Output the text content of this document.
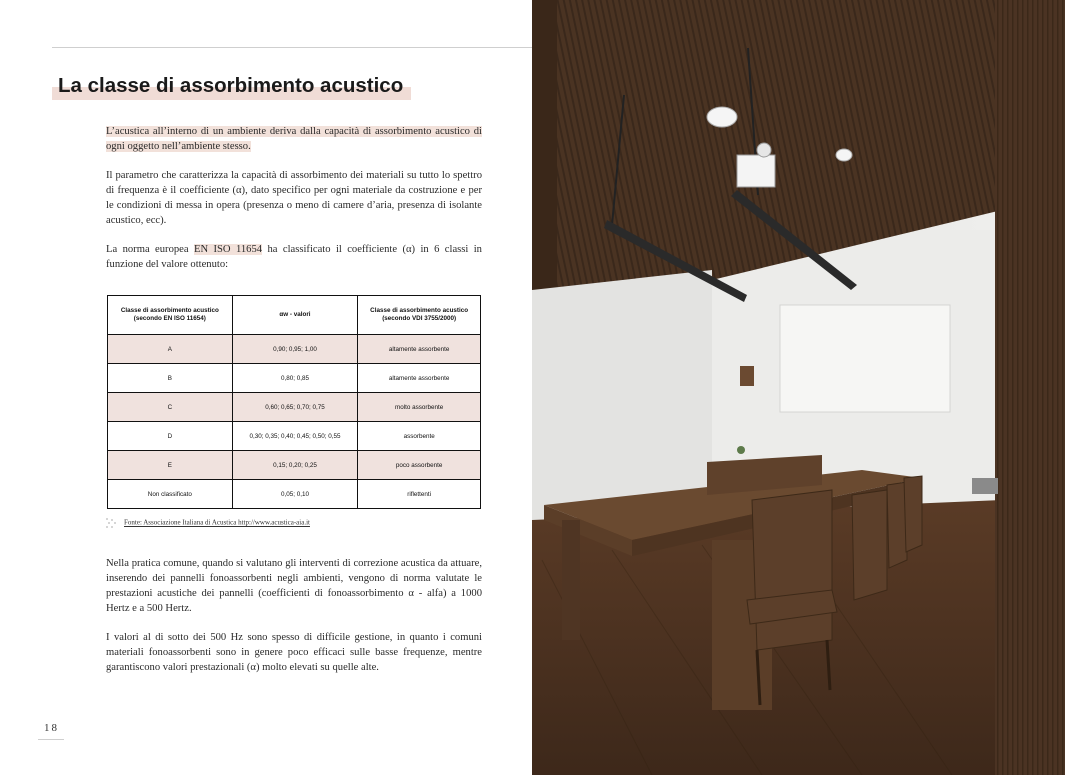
La classe di assorbimento acustico

L’acustica all’interno di un ambiente deriva dalla capacità di assorbimento acustico di ogni oggetto nell’ambiente stesso.

Il parametro che caratterizza la capacità di assorbimento dei materiali su tutto lo spettro di frequenza è il coefficiente (α), dato specifico per ogni materiale da costruzione e per le condizioni di messa in opera (presenza o meno di camere d’aria, presenza di isolante acustico, ecc).

La norma europea EN ISO 11654 ha classificato il coefficiente (α) in 6 classi in funzione del valore ottenuto:

Classe di assorbimento acustico (secondo EN ISO 11654)	αw - valori	Classe di assorbimento acustico (secondo VDI 3755/2000)
A	0,90; 0,95; 1,00	altamente assorbente
B	0,80; 0,85	altamente assorbente
C	0,60; 0,65; 0,70; 0,75	molto assorbente
D	0,30; 0,35; 0,40; 0,45; 0,50; 0,55	assorbente
E	0,15; 0,20; 0,25	poco assorbente
Non classificato	0,05; 0,10	riflettenti
Fonte: Associazione Italiana di Acustica http://www.acustica-aia.it

Nella pratica comune, quando si valutano gli interventi di correzione acustica da attuare, inserendo dei pannelli fonoassorbenti negli ambienti, vengono di norma valutate le prestazioni acustiche dei pannelli (coefficienti di fonoassorbimento α - alfa) a 1000 Hertz e a 500 Hertz.

I valori al di sotto dei 500 Hz sono spesso di difficile gestione, in quanto i comuni materiali fonoassorbenti sono in genere poco efficaci sulle basse frequenze, mentre garantiscono valori prestazionali (α) molto elevati su quelle alte.

18
